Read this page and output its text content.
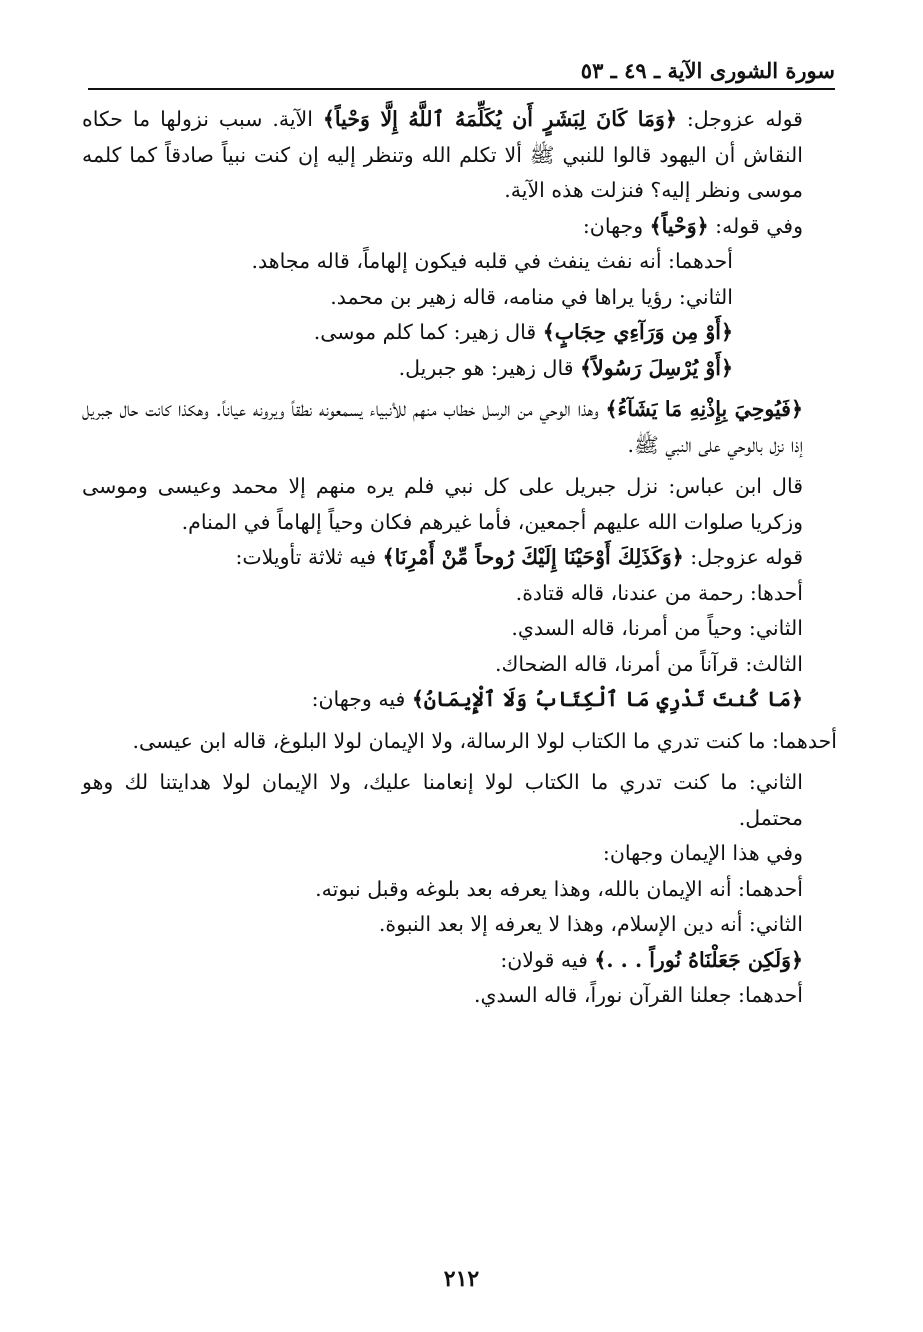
سورة الشورى الآية ـ ٤٩ ـ ٥٣

قوله عزوجل: ﴿وَمَا كَانَ لِبَشَرٍ أَن يُكَلِّمَهُ ٱللَّهُ إِلَّا وَحْياً﴾ الآية. سبب نزولها ما حكاه النقاش أن اليهود قالوا للنبي ﷺ ألا تكلم الله وتنظر إليه إن كنت نبياً صادقاً كما كلمه موسى ونظر إليه؟ فنزلت هذه الآية.

وفي قوله: ﴿وَحْياً﴾ وجهان:

أحدهما: أنه نفث ينفث في قلبه فيكون إلهاماً، قاله مجاهد.

الثاني: رؤيا يراها في منامه، قاله زهير بن محمد.

﴿أَوْ مِن وَرَآءِي حِجَابٍ﴾ قال زهير: كما كلم موسى.

﴿أَوْ يُرْسِلَ رَسُولاً﴾ قال زهير: هو جبريل.

﴿فَيُوحِيَ بِإِذْنِهِ مَا يَشَآءُ﴾ وهذا الوحي من الرسل خطاب منهم للأنبياء يسمعونه نطقاً ويرونه عياناً. وهكذا كانت حال جبريل إذا نزل بالوحي على النبي ﷺ.

قال ابن عباس: نزل جبريل على كل نبي فلم يره منهم إلا محمد وعيسى وموسى وزكريا صلوات الله عليهم أجمعين، فأما غيرهم فكان وحياً إلهاماً في المنام.

قوله عزوجل: ﴿وَكَذَلِكَ أَوْحَيْنَا إِلَيْكَ رُوحاً مِّنْ أَمْرِنَا﴾ فيه ثلاثة تأويلات:

أحدها: رحمة من عندنا، قاله قتادة.

الثاني: وحياً من أمرنا، قاله السدي.

الثالث: قرآناً من أمرنا، قاله الضحاك.

﴿مَا كُنتَ تَدْرِي مَا ٱلْكِتَابُ وَلَا ٱلْإِيمَانُ﴾ فيه وجهان:

أحدهما: ما كنت تدري ما الكتاب لولا الرسالة، ولا الإيمان لولا البلوغ، قاله ابن عيسى.

الثاني: ما كنت تدري ما الكتاب لولا إنعامنا عليك، ولا الإيمان لولا هدايتنا لك وهو محتمل.

وفي هذا الإيمان وجهان:

أحدهما: أنه الإيمان بالله، وهذا يعرفه بعد بلوغه وقبل نبوته.

الثاني: أنه دين الإسلام، وهذا لا يعرفه إلا بعد النبوة.

﴿وَلَكِن جَعَلْنَاهُ نُوراً . . .﴾ فيه قولان:

أحدهما: جعلنا القرآن نوراً، قاله السدي.

٢١٢
